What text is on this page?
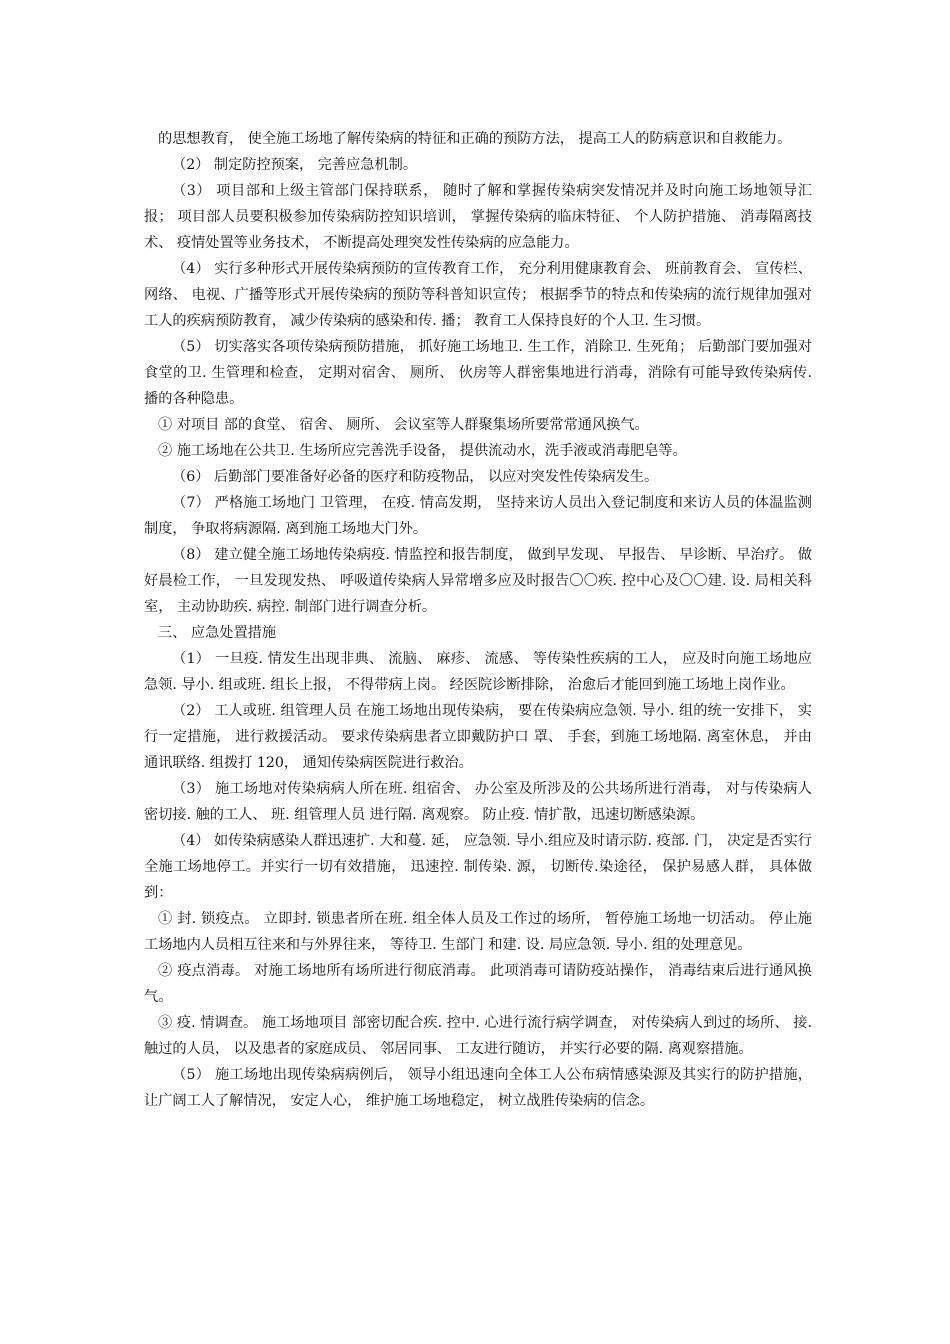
的思想教育， 使全施工场地了解传染病的特征和正确的预防方法， 提高工人的防病意识和自救能力。

（2） 制定防控预案， 完善应急机制。

（3） 项目部和上级主管部门保持联系， 随时了解和掌握传染病突发情况并及时向施工场地领导汇报； 项目部人员要积极参加传染病防控知识培训， 掌握传染病的临床特征、 个人防护措施、 消毒隔离技术、 疫情处置等业务技术， 不断提高处理突发性传染病的应急能力。

（4） 实行多种形式开展传染病预防的宣传教育工作， 充分利用健康教育会、 班前教育会、 宣传栏、 网络、 电视、广播等形式开展传染病的预防等科普知识宣传； 根据季节的特点和传染病的流行规律加强对工人的疾病预防教育， 减少传染病的感染和传. 播； 教育工人保持良好的个人卫. 生习惯。

（5） 切实落实各项传染病预防措施， 抓好施工场地卫. 生工作，消除卫. 生死角； 后勤部门要加强对食堂的卫. 生管理和检查， 定期对宿舍、 厕所、 伙房等人群密集地进行消毒，消除有可能导致传染病传. 播的各种隐患。

① 对项目 部的食堂、 宿舍、 厕所、 会议室等人群聚集场所要常常通风换气。

② 施工场地在公共卫. 生场所应完善洗手设备， 提供流动水，洗手液或消毒肥皂等。

（6） 后勤部门要准备好必备的医疗和防疫物品， 以应对突发性传染病发生。

（7） 严格施工场地门 卫管理， 在疫. 情高发期， 坚持来访人员出入登记制度和来访人员的体温监测制度， 争取将病源隔. 离到施工场地大门外。

（8） 建立健全施工场地传染病疫. 情监控和报告制度， 做到早发现、 早报告、 早诊断、早治疗。 做好晨检工作， 一旦发现发热、 呼吸道传染病人异常增多应及时报告〇〇疾. 控中心及〇〇建. 设. 局相关科室， 主动协助疾. 病控. 制部门进行调查分析。

三、 应急处置措施

（1） 一旦疫. 情发生出现非典、 流脑、 麻疹、 流感、 等传染性疾病的工人， 应及时向施工场地应急领. 导小. 组或班. 组长上报， 不得带病上岗。 经医院诊断排除， 治愈后才能回到施工场地上岗作业。

（2） 工人或班. 组管理人员 在施工场地出现传染病， 要在传染病应急领. 导小. 组的统一安排下， 实行一定措施， 进行救援活动。 要求传染病患者立即戴防护口 罩、 手套，到施工场地隔. 离室休息， 并由通讯联络. 组拨打 120， 通知传染病医院进行救治。

（3） 施工场地对传染病病人所在班. 组宿舍、 办公室及所涉及的公共场所进行消毒， 对与传染病人密切接. 触的工人、 班. 组管理人员 进行隔. 离观察。 防止疫. 情扩散，迅速切断感染源。

（4） 如传染病感染人群迅速扩. 大和蔓. 延， 应急领. 导小.组应及时请示防. 疫部. 门， 决定是否实行全施工场地停工。并实行一切有效措施， 迅速控. 制传染. 源， 切断传.染途径， 保护易感人群， 具体做到：

① 封. 锁疫点。 立即封. 锁患者所在班. 组全体人员及工作过的场所， 暂停施工场地一切活动。 停止施工场地内人员相互往来和与外界往来， 等待卫. 生部门 和建. 设. 局应急领. 导小. 组的处理意见。

② 疫点消毒。 对施工场地所有场所进行彻底消毒。 此项消毒可请防疫站操作， 消毒结束后进行通风换气。

③ 疫. 情调查。 施工场地项目 部密切配合疾. 控中. 心进行流行病学调查， 对传染病人到过的场所、 接. 触过的人员， 以及患者的家庭成员、 邻居同事、 工友进行随访， 并实行必要的隔. 离观察措施。

（5） 施工场地出现传染病病例后， 领导小组迅速向全体工人公布病情感染源及其实行的防护措施， 让广阔工人了解情况， 安定人心， 维护施工场地稳定， 树立战胜传染病的信念。
